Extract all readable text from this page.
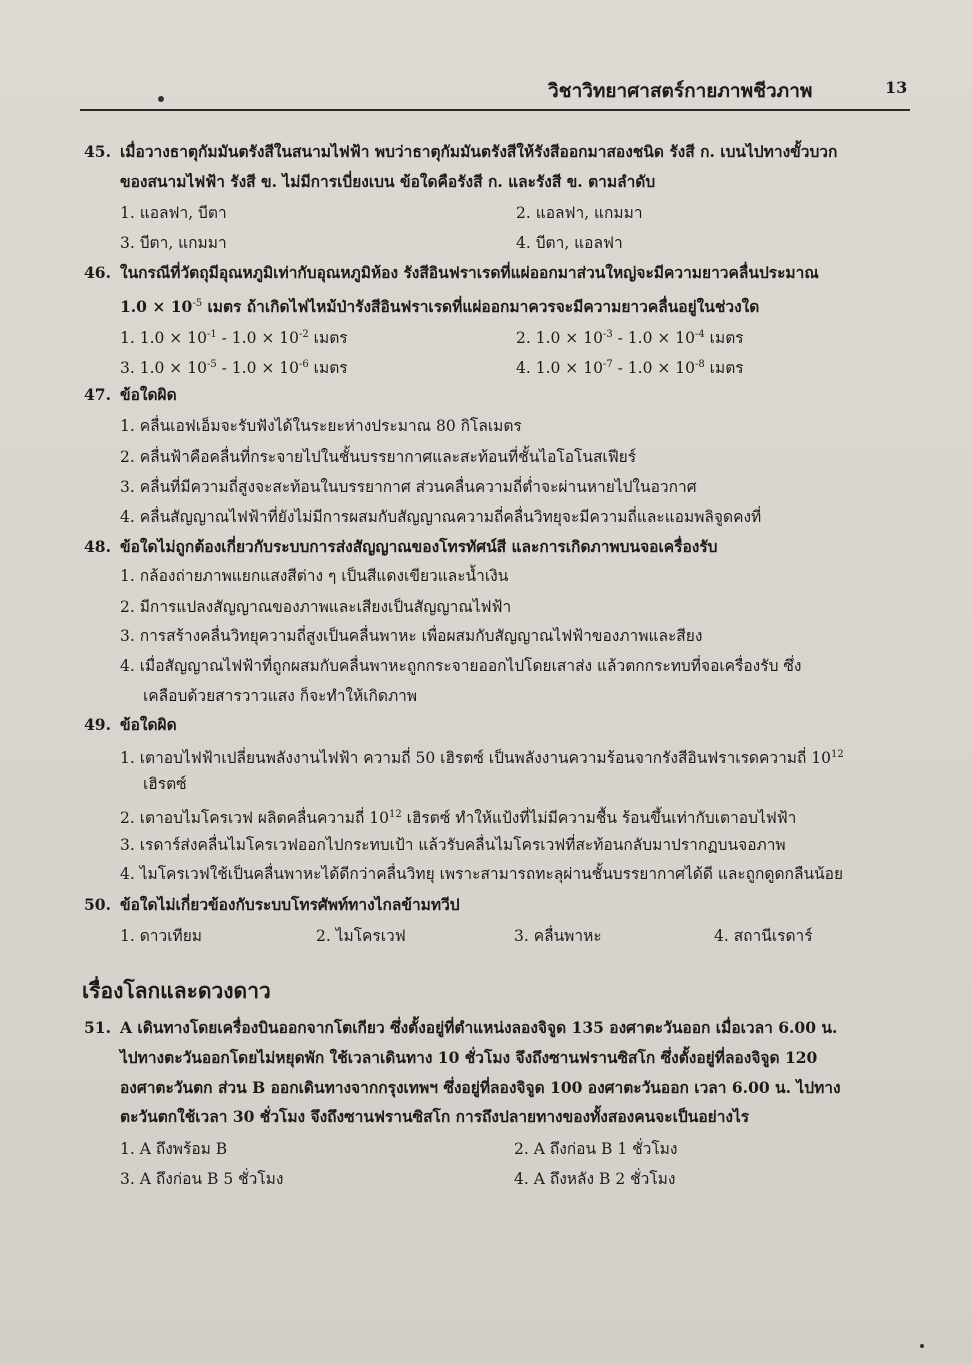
วิชาวิทยาศาสตร์กายภาพชีวภาพ	13
45. เมื่อวางธาตุกัมมันตรังสีในสนามไฟฟ้า พบว่าธาตุกัมมันตรังสีให้รังสีออกมาสองชนิด รังสี ก. เบนไปทางขั้วบวก
ของสนามไฟฟ้า รังสี ข. ไม่มีการเบี่ยงเบน ข้อใดคือรังสี ก. และรังสี ข. ตามลำดับ
1. แอลฟา, บีตา	2. แอลฟา, แกมมา
3. บีตา, แกมมา	4. บีตา, แอลฟา
46. ในกรณีที่วัตถุมีอุณหภูมิเท่ากับอุณหภูมิห้อง รังสีอินฟราเรดที่แผ่ออกมาส่วนใหญ่จะมีความยาวคลื่นประมาณ
$1.0 \times 10^{-5}$ เมตร ถ้าเกิดไฟไหม้ป่ารังสีอินฟราเรดที่แผ่ออกมาควรจะมีความยาวคลื่นอยู่ในช่วงใด
1. $1.0 \times 10^{-1} - 1.0 \times 10^{-2}$ เมตร	2. $1.0 \times 10^{-3} - 1.0 \times 10^{-4}$ เมตร
3. $1.0 \times 10^{-5} - 1.0 \times 10^{-6}$ เมตร	4. $1.0 \times 10^{-7} - 1.0 \times 10^{-8}$ เมตร
47. ข้อใดผิด
1. คลื่นเอฟเอ็มจะรับฟังได้ในระยะห่างประมาณ 80 กิโลเมตร
2. คลื่นฟ้าคือคลื่นที่กระจายไปในชั้นบรรยากาศและสะท้อนที่ชั้นไอโอโนสเฟียร์
3. คลื่นที่มีความถี่สูงจะสะท้อนในบรรยากาศ ส่วนคลื่นความถี่ต่ำจะผ่านหายไปในอวกาศ
4. คลื่นสัญญาณไฟฟ้าที่ยังไม่มีการผสมกับสัญญาณความถี่คลื่นวิทยุจะมีความถี่และแอมพลิจูดคงที่
48. ข้อใดไม่ถูกต้องเกี่ยวกับระบบการส่งสัญญาณของโทรทัศน์สี และการเกิดภาพบนจอเครื่องรับ
1. กล้องถ่ายภาพแยกแสงสีต่าง ๆ เป็นสีแดงเขียวและน้ำเงิน
2. มีการแปลงสัญญาณของภาพและเสียงเป็นสัญญาณไฟฟ้า
3. การสร้างคลื่นวิทยุความถี่สูงเป็นคลื่นพาหะ เพื่อผสมกับสัญญาณไฟฟ้าของภาพและสียง
4. เมื่อสัญญาณไฟฟ้าที่ถูกผสมกับคลื่นพาหะถูกกระจายออกไปโดยเสาส่ง แล้วตกกระทบที่จอเครื่องรับ ซึ่ง
เคลือบด้วยสารวาวแสง ก็จะทำให้เกิดภาพ
49. ข้อใดผิด
1. เตาอบไฟฟ้าเปลี่ยนพลังงานไฟฟ้า ความถี่ 50 เฮิรตซ์ เป็นพลังงานความร้อนจากรังสีอินฟราเรดความถี่ $10^{12}$
เฮิรตซ์
2. เตาอบไมโครเวฟ ผลิตคลื่นความถี่ $10^{12}$ เฮิรตซ์ ทำให้แป้งที่ไม่มีความชื้น ร้อนขึ้นเท่ากับเตาอบไฟฟ้า
3. เรดาร์ส่งคลื่นไมโครเวฟออกไปกระทบเป้า แล้วรับคลื่นไมโครเวฟที่สะท้อนกลับมาปรากฏบนจอภาพ
4. ไมโครเวฟใช้เป็นคลื่นพาหะได้ดีกว่าคลื่นวิทยุ เพราะสามารถทะลุผ่านชั้นบรรยากาศได้ดี และถูกดูดกลืนน้อย
50. ข้อใดไม่เกี่ยวข้องกับระบบโทรศัพท์ทางไกลข้ามทวีป
1. ดาวเทียม	2. ไมโครเวฟ	3. คลื่นพาหะ	4. สถานีเรดาร์
เรื่องโลกและดวงดาว
51. A เดินทางโดยเครื่องบินออกจากโตเกียว ซึ่งตั้งอยู่ที่ตำแหน่งลองจิจูด 135 องศาตะวันออก เมื่อเวลา 6.00 น.
ไปทางตะวันออกโดยไม่หยุดพัก ใช้เวลาเดินทาง 10 ชั่วโมง จึงถึงซานฟรานซิสโก ซึ่งตั้งอยู่ที่ลองจิจูด 120
องศาตะวันตก ส่วน B ออกเดินทางจากกรุงเทพฯ ซึ่งอยู่ที่ลองจิจูด 100 องศาตะวันออก เวลา 6.00 น. ไปทาง
ตะวันตกใช้เวลา 30 ชั่วโมง จึงถึงซานฟรานซิสโก การถึงปลายทางของทั้งสองคนจะเป็นอย่างไร
1. A ถึงพร้อม B	2. A ถึงก่อน B 1 ชั่วโมง
3. A ถึงก่อน B 5 ชั่วโมง	4. A ถึงหลัง B 2 ชั่วโมง
